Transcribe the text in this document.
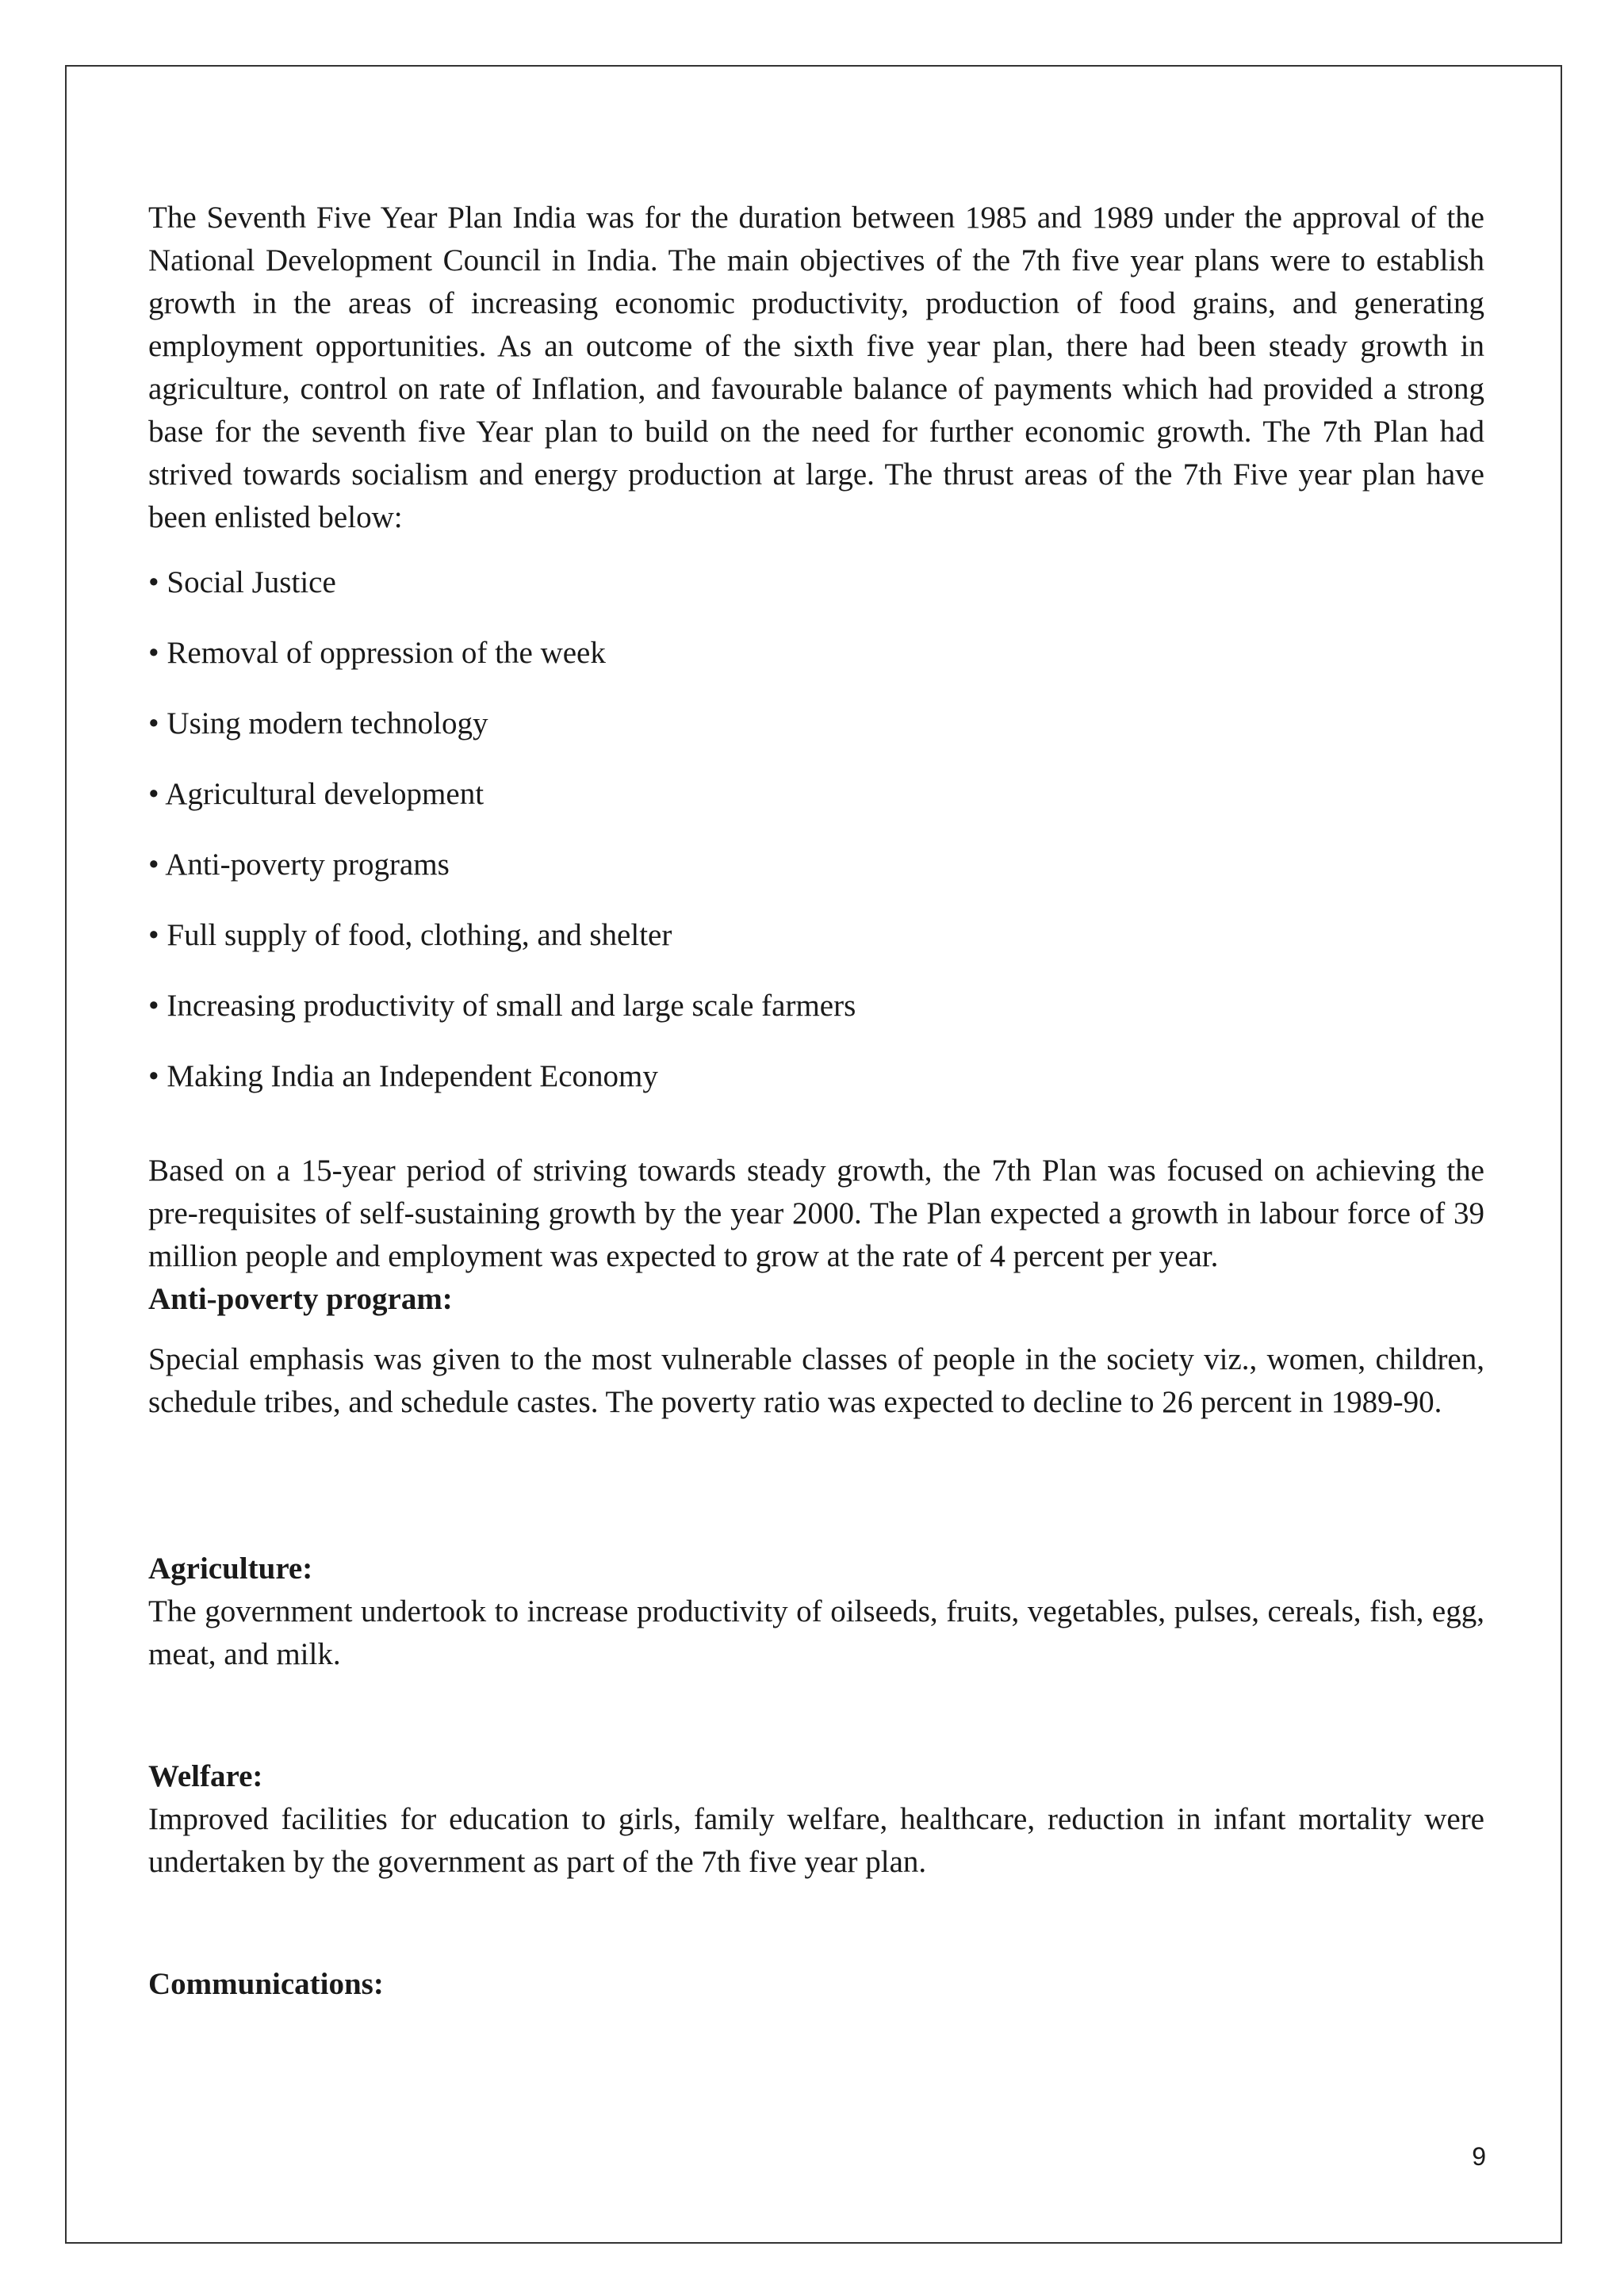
The Seventh Five Year Plan India was for the duration between 1985 and 1989 under the approval of the National Development Council in India. The main objectives of the 7th five year plans were to establish growth in the areas of increasing economic productivity, production of food grains, and generating employment opportunities. As an outcome of the sixth five year plan, there had been steady growth in agriculture, control on rate of Inflation, and favourable balance of payments which had provided a strong base for the seventh five Year plan to build on the need for further economic growth. The 7th Plan had strived towards socialism and energy production at large. The thrust areas of the 7th Five year plan have been enlisted below:

• Social Justice
• Removal of oppression of the week
• Using modern technology
• Agricultural development
• Anti-poverty programs
• Full supply of food, clothing, and shelter
• Increasing productivity of small and large scale farmers
• Making India an Independent Economy

Based on a 15-year period of striving towards steady growth, the 7th Plan was focused on achieving the pre-requisites of self-sustaining growth by the year 2000. The Plan expected a growth in labour force of 39 million people and employment was expected to grow at the rate of 4 percent per year.

Anti-poverty program:

Special emphasis was given to the most vulnerable classes of people in the society viz., women, children, schedule tribes, and schedule castes. The poverty ratio was expected to decline to 26 percent in 1989-90.

Agriculture:

The government undertook to increase productivity of oilseeds, fruits, vegetables, pulses, cereals, fish, egg, meat, and milk.

Welfare:

Improved facilities for education to girls, family welfare, healthcare, reduction in infant mortality were undertaken by the government as part of the 7th five year plan.

Communications:

9
